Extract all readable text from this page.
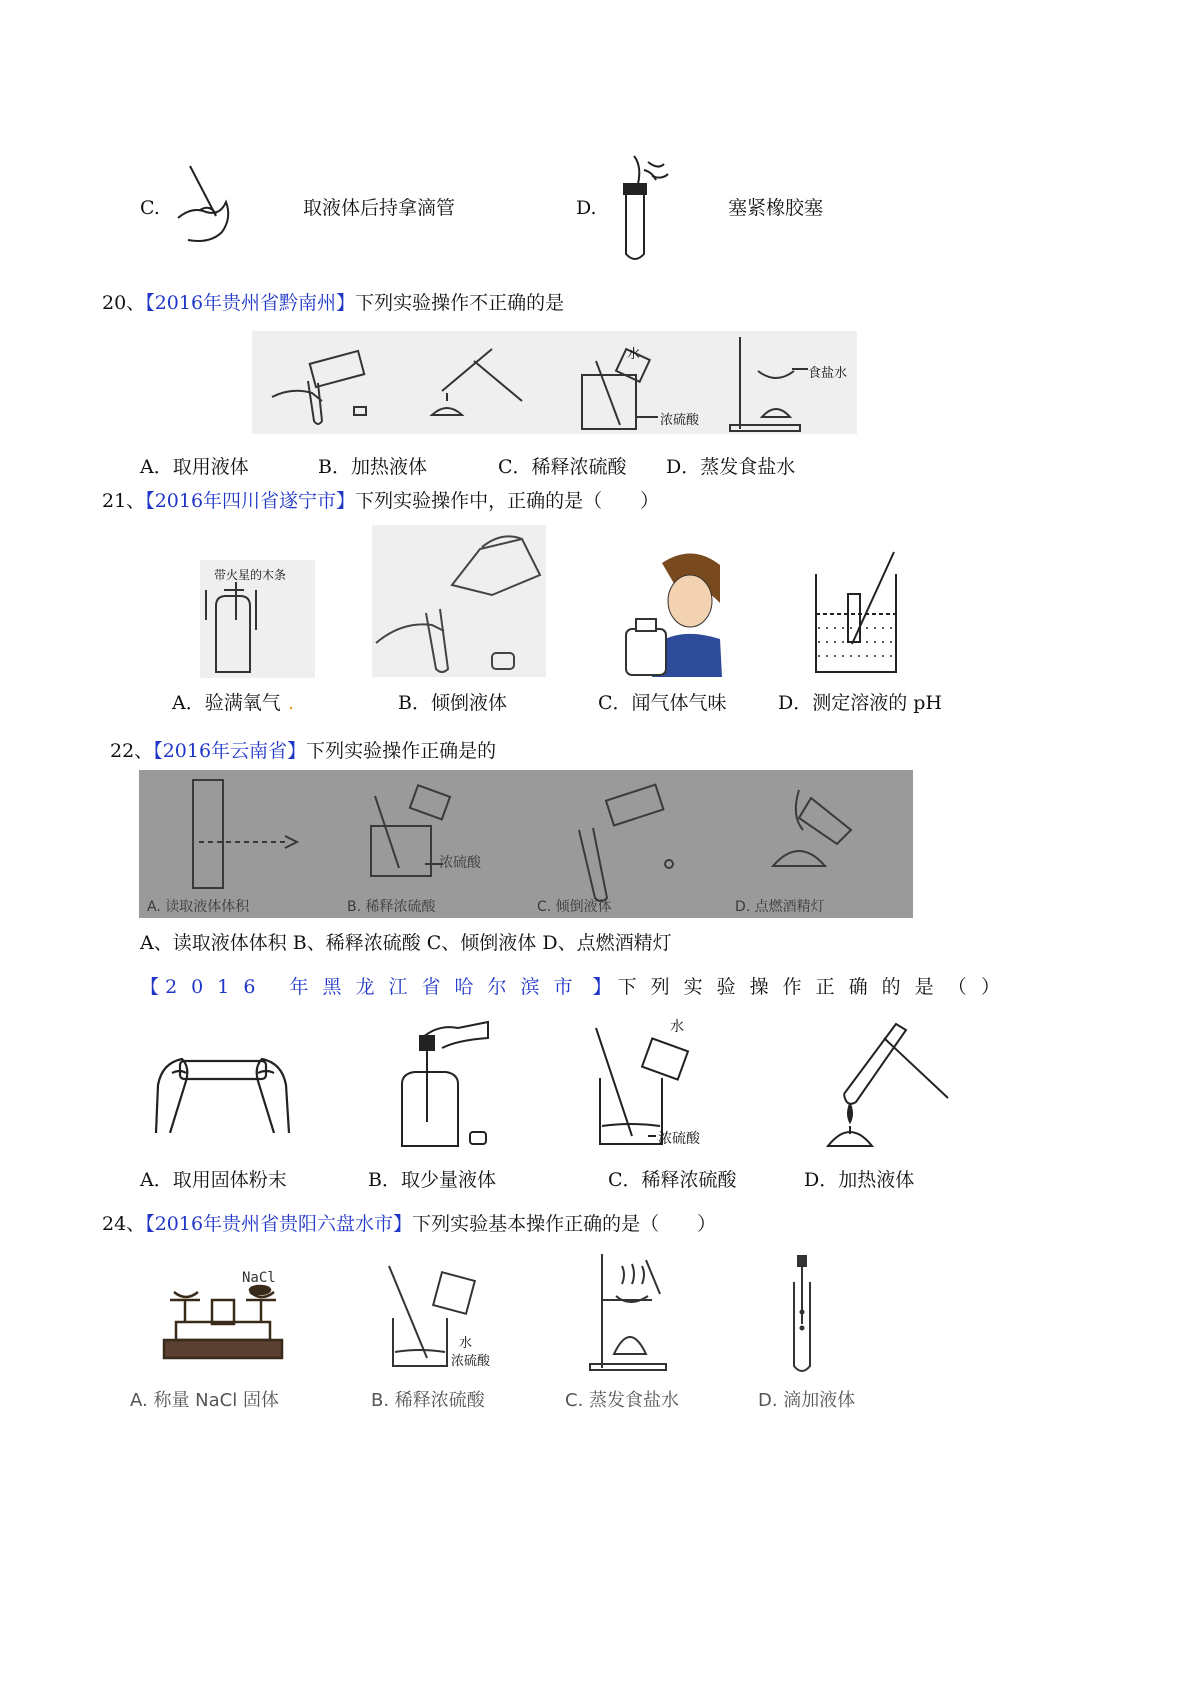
C.	取液体后持拿滴管	D.	塞紧橡胶塞
20、【2016年贵州省黔南州】下列实验操作不正确的是
水
食盐水
浓硫酸
A．取用液体	B．加热液体	C．稀释浓硫酸 D．蒸发食盐水
21、【2016年四川省遂宁市】下列实验操作中，正确的是（　　）
带火星的木条
A．验满氧气 .	B．倾倒液体	C．闻气体气味	D．测定溶液的 pH
22、【2016年云南省】下列实验操作正确是的
浓硫酸
A. 读取液体体积	B. 稀释浓硫酸	C. 倾倒液体	D. 点燃酒精灯
A、读取液体体积 B、稀释浓硫酸 C、倾倒液体 D、点燃酒精灯
【 2016 年黑龙江省哈尔滨市 】 下列实验操作正确的是（ ）
水
浓硫酸
A．取用固体粉末	B．取少量液体	C．稀释浓硫酸	D．加热液体
24、【2016年贵州省贵阳六盘水市】下列实验基本操作正确的是（　　）
NaCl
水
浓硫酸
A. 称量 NaCl 固体	B. 稀释浓硫酸	C. 蒸发食盐水	D. 滴加液体
